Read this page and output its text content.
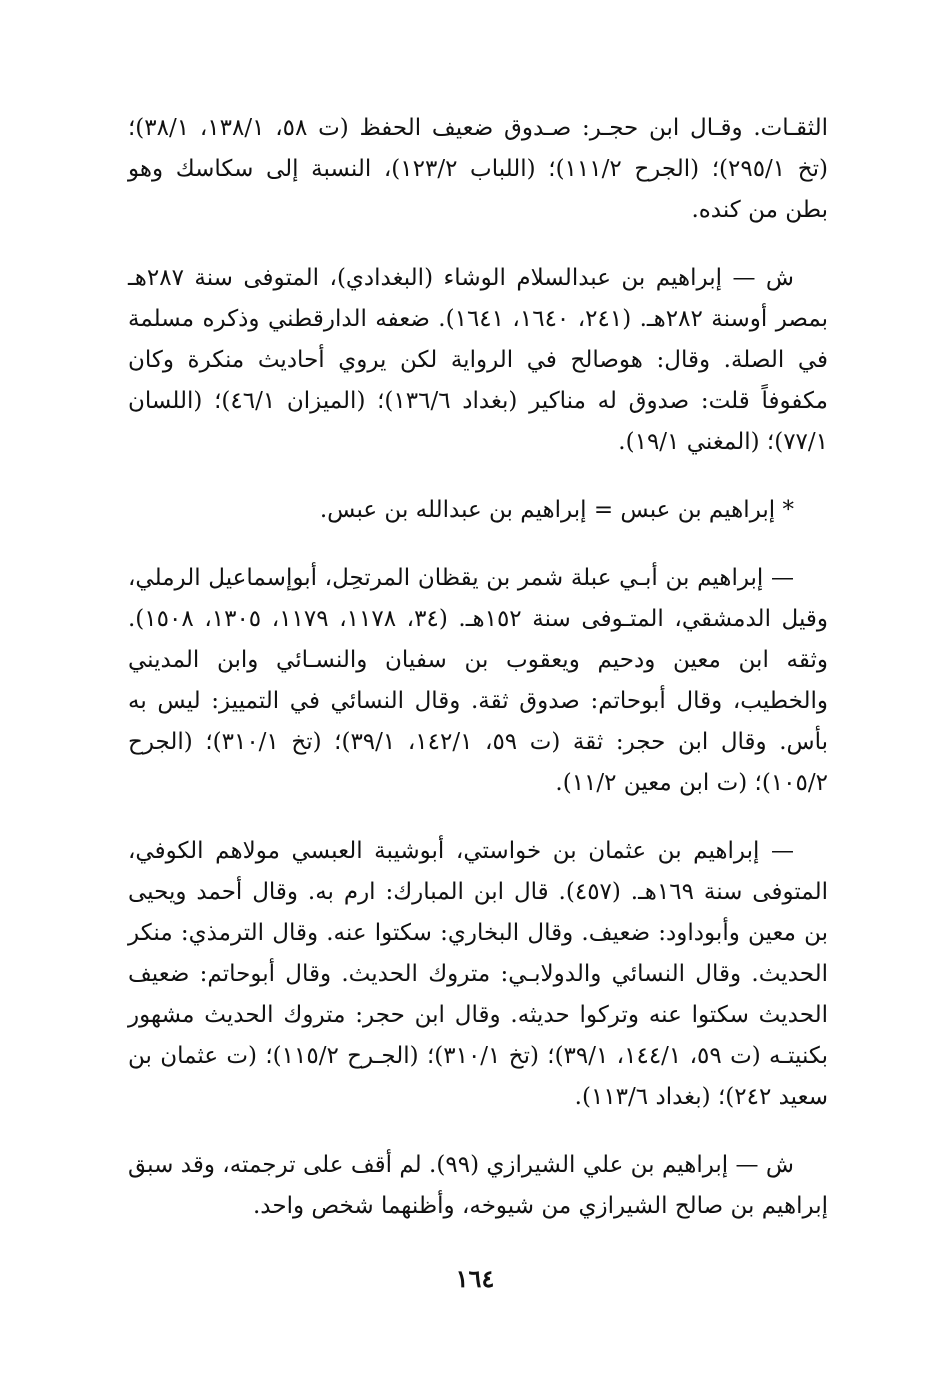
الثقـات. وقـال ابن حجـر: صـدوق ضعيف الحفظ (ت ٥٨، ١٣٨/١، ٣٨/١)؛ (تخ ٢٩٥/١)؛ (الجرح ١١١/٢)؛ (اللباب ١٢٣/٢)، النسبة إلى سكاسك وهو بطن من كنده.

ش — إبراهيم بن عبدالسلام الوشاء (البغدادي)، المتوفى سنة ٢٨٧هـ بمصر أوسنة ٢٨٢هـ. (٢٤١، ١٦٤٠، ١٦٤١). ضعفه الدارقطني وذكره مسلمة في الصلة. وقال: هوصالح في الرواية لكن يروي أحاديث منكرة وكان مكفوفاً قلت: صدوق له مناكير (بغداد ١٣٦/٦)؛ (الميزان ٤٦/١)؛ (اللسان ٧٧/١)؛ (المغني ١٩/١).

* إبراهيم بن عبس = إبراهيم بن عبدالله بن عبس.

— إبراهيم بن أبـي عبلة شمر بن يقظان المرتحِل، أبوإسماعيل الرملي، وقيل الدمشقي، المتـوفى سنة ١٥٢هـ. (٣٤، ١١٧٨، ١١٧٩، ١٣٠٥، ١٥٠٨). وثقه ابن معين ودحيم ويعقوب بن سفيان والنسـائي وابن المديني والخطيب، وقال أبوحاتم: صدوق ثقة. وقال النسائي في التمييز: ليس به بأس. وقال ابن حجر: ثقة (ت ٥٩، ١٤٢/١، ٣٩/١)؛ (تخ ٣١٠/١)؛ (الجرح ١٠٥/٢)؛ (ت ابن معين ١١/٢).

— إبراهيم بن عثمان بن خواستي، أبوشيبة العبسي مولاهم الكوفي، المتوفى سنة ١٦٩هـ. (٤٥٧). قال ابن المبارك: ارم به. وقال أحمد ويحيى بن معين وأبوداود: ضعيف. وقال البخاري: سكتوا عنه. وقال الترمذي: منكر الحديث. وقال النسائي والدولابـي: متروك الحديث. وقال أبوحاتم: ضعيف الحديث سكتوا عنه وتركوا حديثه. وقال ابن حجر: متروك الحديث مشهور بكنيتـه (ت ٥٩، ١٤٤/١، ٣٩/١)؛ (تخ ٣١٠/١)؛ (الجـرح ١١٥/٢)؛ (ت عثمان بن سعيد ٢٤٢)؛ (بغداد ١١٣/٦).

ش — إبراهيم بن علي الشيرازي (٩٩). لم أقف على ترجمته، وقد سبق إبراهيم بن صالح الشيرازي من شيوخه، وأظنهما شخص واحد.

١٦٤
